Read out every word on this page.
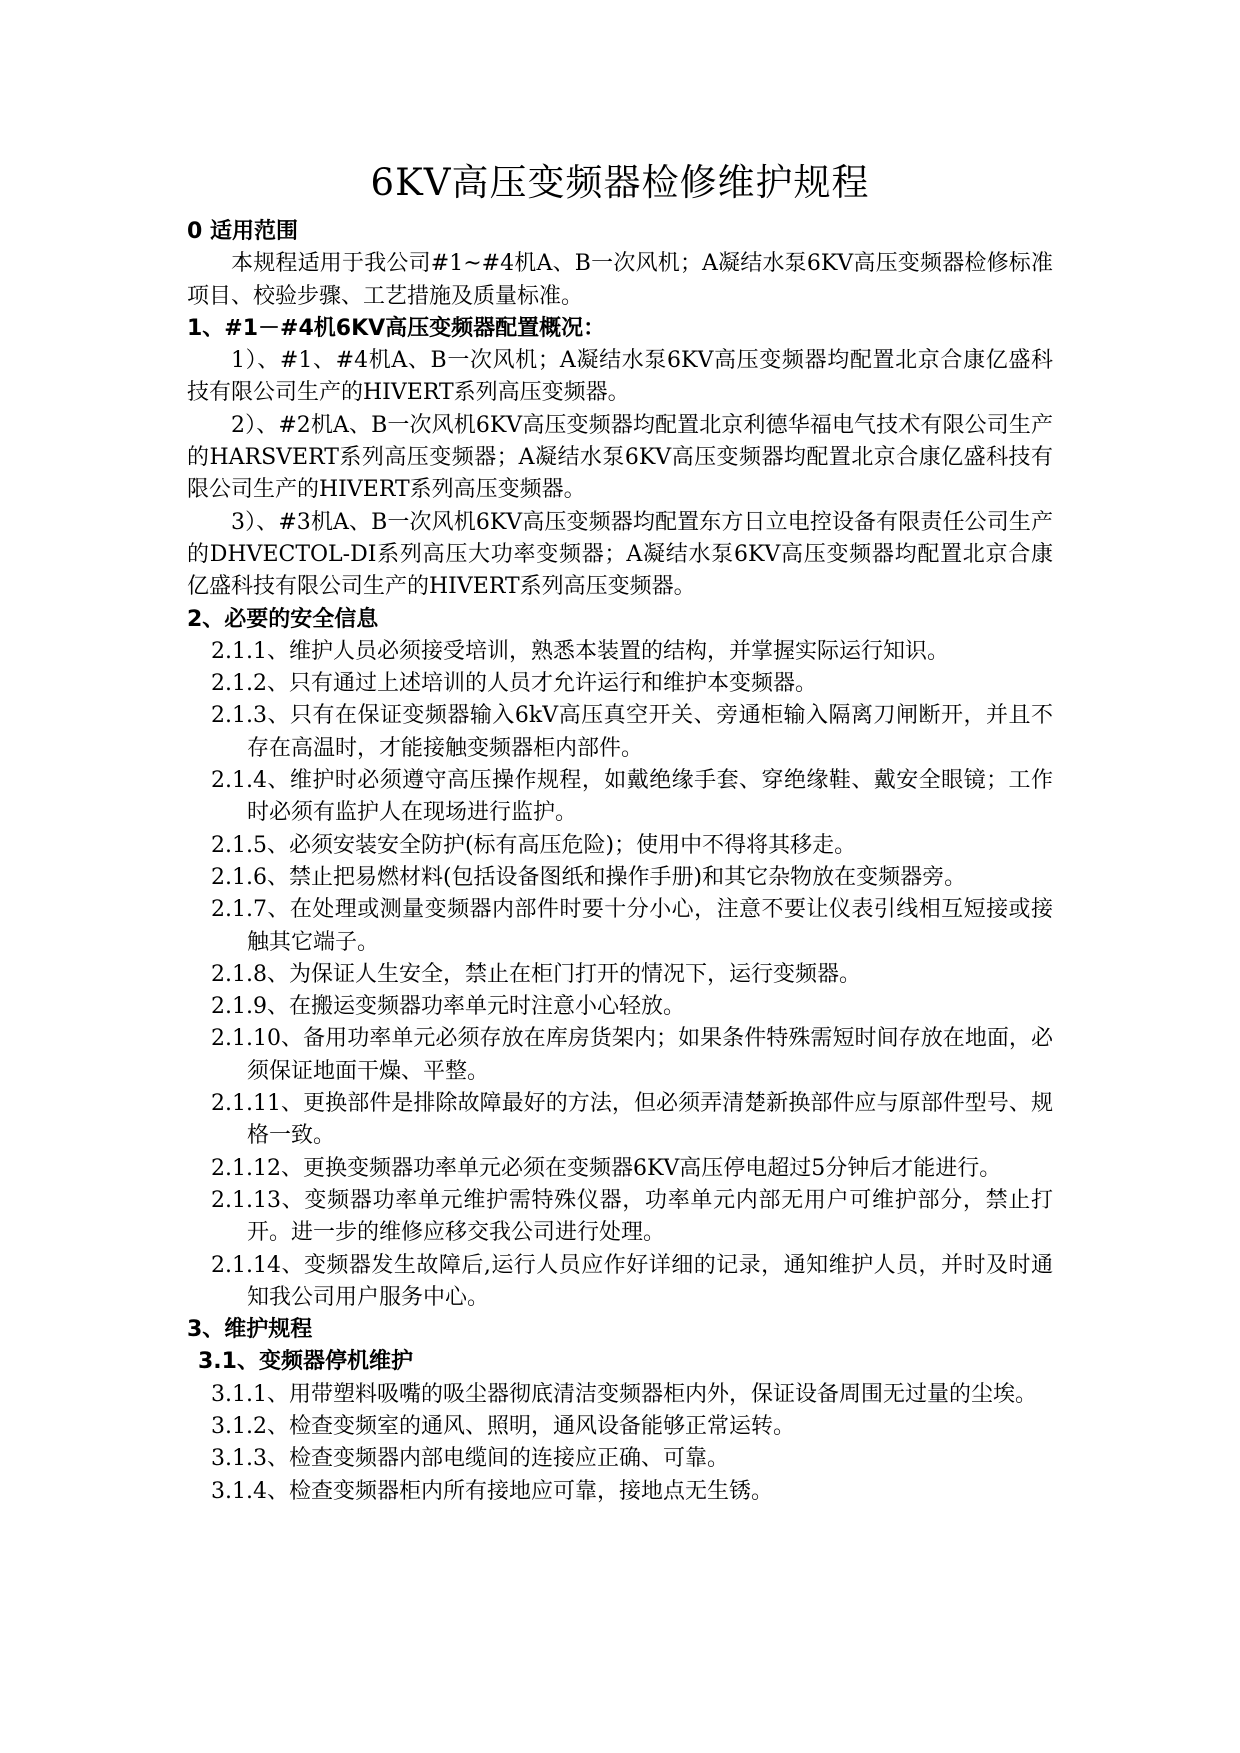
6KV高压变频器检修维护规程
0 适用范围
本规程适用于我公司#1~#4机A、B一次风机；A凝结水泵6KV高压变频器检修标准项目、校验步骤、工艺措施及质量标准。
1、#1－#4机6KV高压变频器配置概况：
1）、#1、#4机A、B一次风机；A凝结水泵6KV高压变频器均配置北京合康亿盛科技有限公司生产的HIVERT系列高压变频器。
2）、#2机A、B一次风机6KV高压变频器均配置北京利德华福电气技术有限公司生产的HARSVERT系列高压变频器；A凝结水泵6KV高压变频器均配置北京合康亿盛科技有限公司生产的HIVERT系列高压变频器。
3）、#3机A、B一次风机6KV高压变频器均配置东方日立电控设备有限责任公司生产的DHVECTOL-DI系列高压大功率变频器；A凝结水泵6KV高压变频器均配置北京合康亿盛科技有限公司生产的HIVERT系列高压变频器。
2、必要的安全信息
2.1.1、维护人员必须接受培训，熟悉本装置的结构，并掌握实际运行知识。
2.1.2、只有通过上述培训的人员才允许运行和维护本变频器。
2.1.3、只有在保证变频器输入6kV高压真空开关、旁通柜输入隔离刀闸断开，并且不存在高温时，才能接触变频器柜内部件。
2.1.4、维护时必须遵守高压操作规程，如戴绝缘手套、穿绝缘鞋、戴安全眼镜；工作时必须有监护人在现场进行监护。
2.1.5、必须安装安全防护(标有高压危险)；使用中不得将其移走。
2.1.6、禁止把易燃材料(包括设备图纸和操作手册)和其它杂物放在变频器旁。
2.1.7、在处理或测量变频器内部件时要十分小心，注意不要让仪表引线相互短接或接触其它端子。
2.1.8、为保证人生安全，禁止在柜门打开的情况下，运行变频器。
2.1.9、在搬运变频器功率单元时注意小心轻放。
2.1.10、备用功率单元必须存放在库房货架内；如果条件特殊需短时间存放在地面，必须保证地面干燥、平整。
2.1.11、更换部件是排除故障最好的方法，但必须弄清楚新换部件应与原部件型号、规格一致。
2.1.12、更换变频器功率单元必须在变频器6KV高压停电超过5分钟后才能进行。
2.1.13、变频器功率单元维护需特殊仪器，功率单元内部无用户可维护部分，禁止打开。进一步的维修应移交我公司进行处理。
2.1.14、变频器发生故障后,运行人员应作好详细的记录，通知维护人员，并时及时通知我公司用户服务中心。
3、维护规程
3.1、变频器停机维护
3.1.1、用带塑料吸嘴的吸尘器彻底清洁变频器柜内外，保证设备周围无过量的尘埃。
3.1.2、检查变频室的通风、照明，通风设备能够正常运转。
3.1.3、检查变频器内部电缆间的连接应正确、可靠。
3.1.4、检查变频器柜内所有接地应可靠，接地点无生锈。
